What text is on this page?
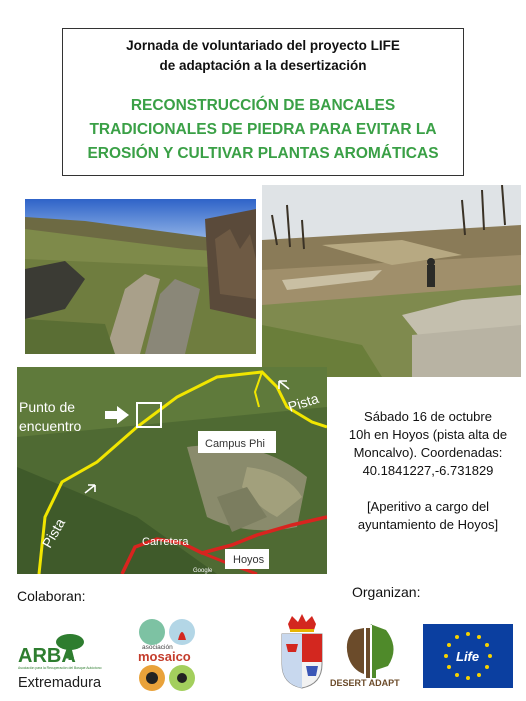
Jornada de voluntariado del proyecto LIFE
de adaptación a la desertización
RECONSTRUCCIÓN DE BANCALES
TRADICIONALES DE PIEDRA PARA EVITAR LA
EROSIÓN Y CULTIVAR PLANTAS AROMÁTICAS
Punto de
encuentro
Pista
Pista
Campus Phi
Carretera
Hoyos
Google
Sábado 16 de octubre
10h en Hoyos (pista alta de
Moncalvo). Coordenadas:
40.1841227,-6.731829
[Aperitivo a cargo del
ayuntamiento de Hoyos]
Colaboran:	Organizan:
ARBA
Asociación para la Recuperación del Bosque Autóctono
Extremadura
asociación
mosaico
DESERT ADAPT
Life
